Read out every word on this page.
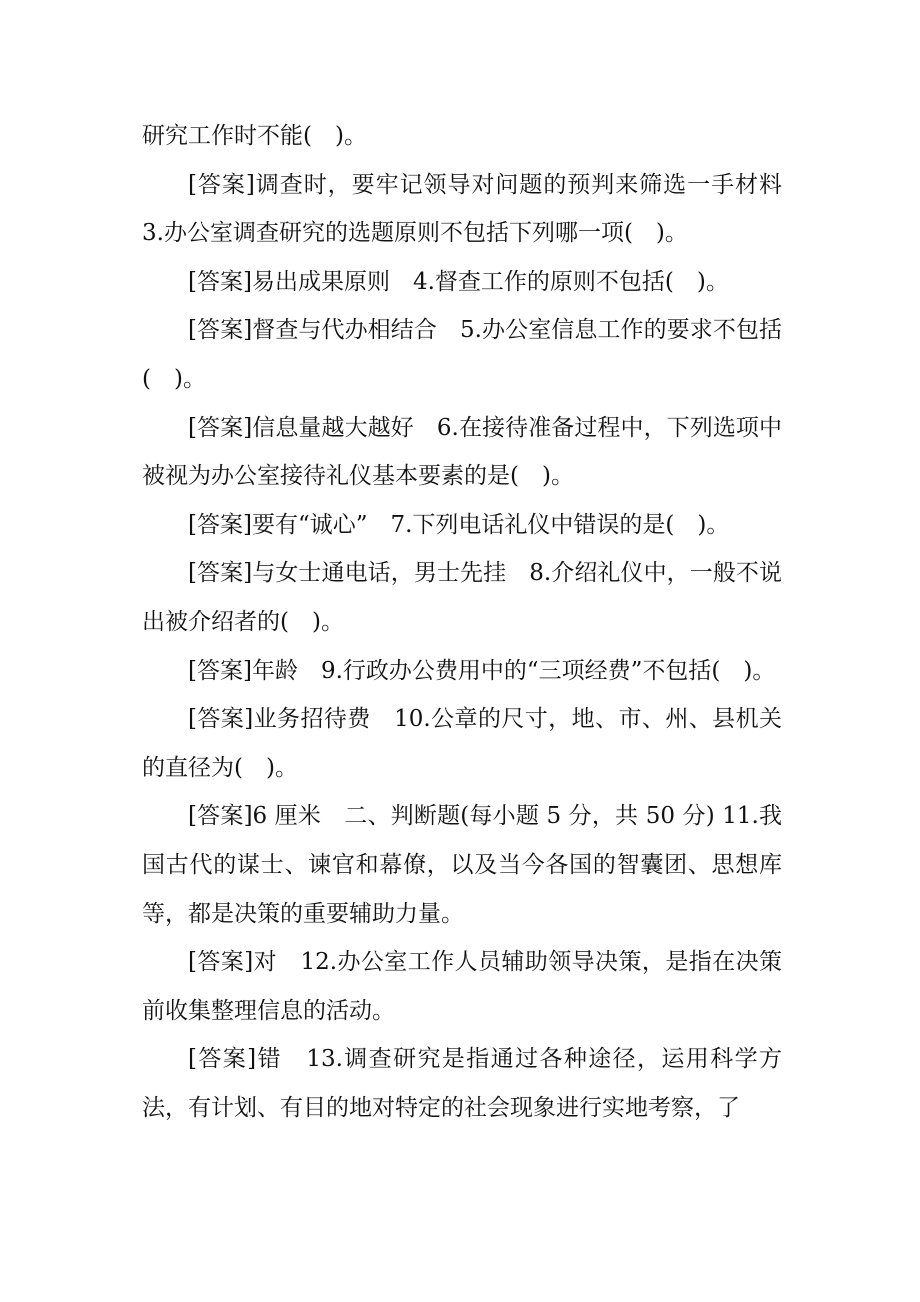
研究工作时不能(　)。

[答案]调查时，要牢记领导对问题的预判来筛选一手材料　3.办公室调查研究的选题原则不包括下列哪一项(　)。

[答案]易出成果原则　4.督查工作的原则不包括(　)。

[答案]督查与代办相结合　5.办公室信息工作的要求不包括(　)。

[答案]信息量越大越好　6.在接待准备过程中，下列选项中被视为办公室接待礼仪基本要素的是(　)。

[答案]要有“诚心”　7.下列电话礼仪中错误的是(　)。

[答案]与女士通电话，男士先挂　8.介绍礼仪中，一般不说出被介绍者的(　)。

[答案]年龄　9.行政办公费用中的“三项经费”不包括(　)。

[答案]业务招待费　10.公章的尺寸，地、市、州、县机关的直径为(　)。

[答案]6 厘米　二、判断题(每小题 5 分，共 50 分) 11.我国古代的谋士、谏官和幕僚，以及当今各国的智囊团、思想库等，都是决策的重要辅助力量。

[答案]对　12.办公室工作人员辅助领导决策，是指在决策前收集整理信息的活动。

[答案]错　13.调查研究是指通过各种途径，运用科学方法，有计划、有目的地对特定的社会现象进行实地考察，了
